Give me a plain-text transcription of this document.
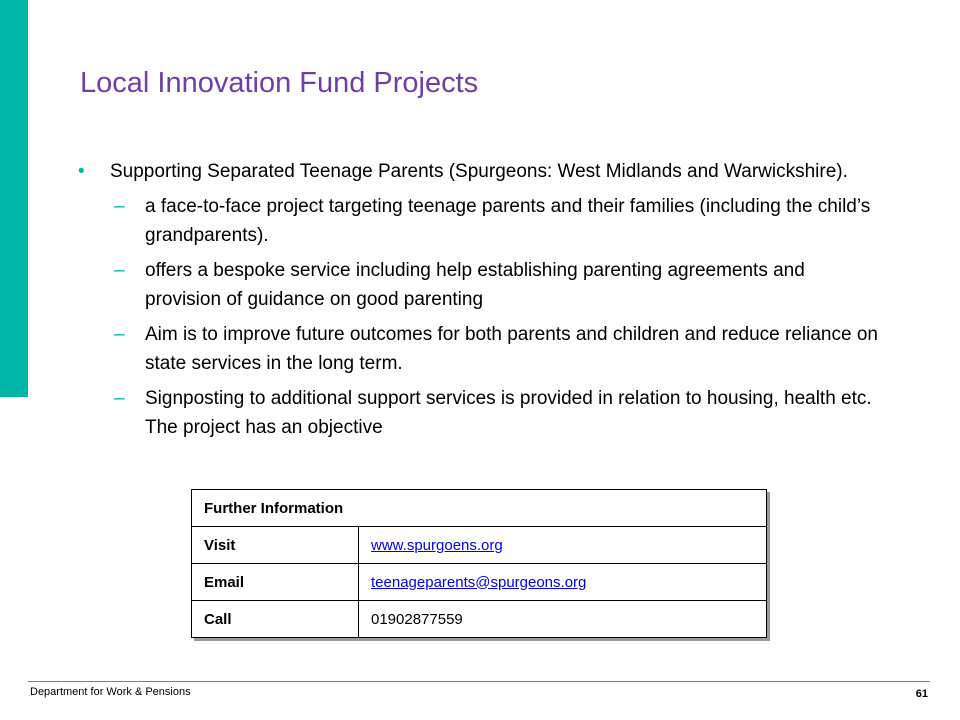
Local Innovation Fund Projects
• Supporting Separated Teenage Parents (Spurgeons: West Midlands and Warwickshire).
– a face-to-face project targeting teenage parents and their families (including the child’s grandparents).
– offers a bespoke service including help establishing parenting agreements and provision of guidance on good parenting
– Aim is to improve future outcomes for both parents and children and reduce reliance on state services in the long term.
– Signposting to additional support services is provided in relation to housing, health etc. The project has an objective
Further Information	
Visit	www.spurgoens.org
Email	teenageparents@spurgeons.org
Call	01902877559
Department for Work & Pensions	61
